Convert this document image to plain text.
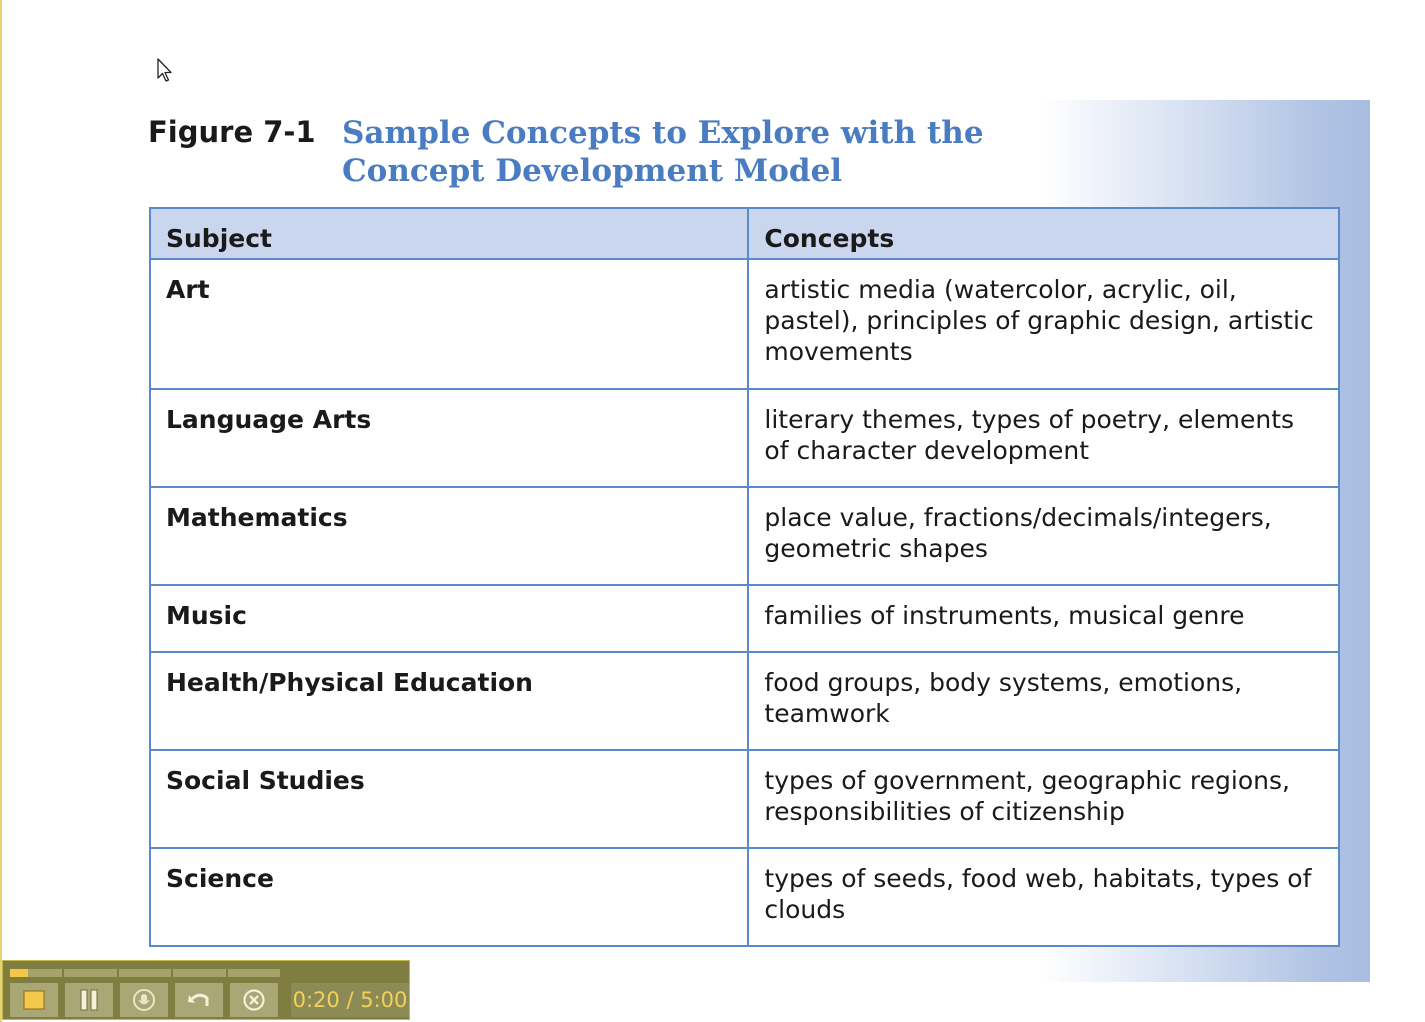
Figure 7-1 Sample Concepts to Explore with the Concept Development Model
Subject	Concepts
Art	artistic media (watercolor, acrylic, oil, pastel), principles of graphic design, artistic movements
Language Arts	literary themes, types of poetry, elements of character development
Mathematics	place value, fractions/decimals/integers, geometric shapes
Music	families of instruments, musical genre
Health/Physical Education	food groups, body systems, emotions, teamwork
Social Studies	types of government, geographic regions, responsibilities of citizenship
Science	types of seeds, food web, habitats, types of clouds
0:20 / 5:00
